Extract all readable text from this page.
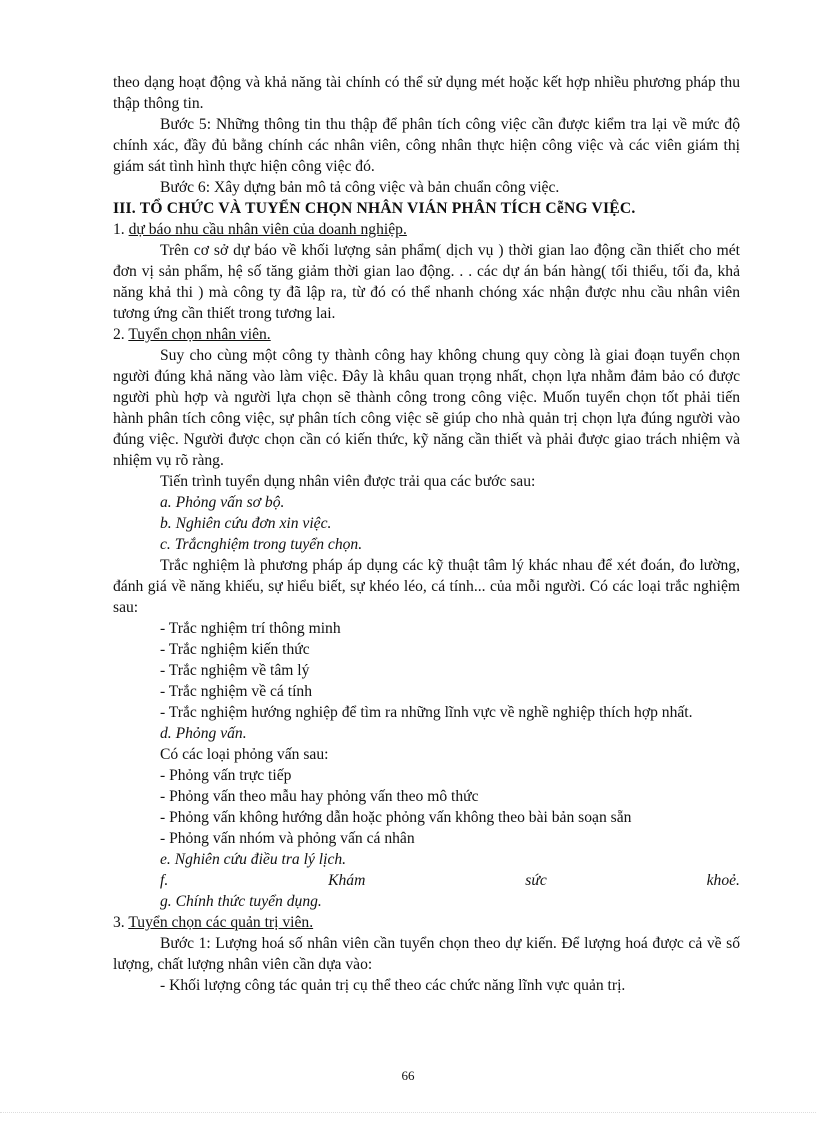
theo dạng hoạt động và khả năng tài chính có thể sử dụng mét hoặc kết hợp nhiều phương pháp thu thập thông tin.

Bước 5: Những thông tin thu thập để phân tích công việc cần được kiểm tra lại về mức độ chính xác, đầy đủ bằng chính các nhân viên, công nhân thực hiện công việc và các viên giám thị giám sát tình hình thực hiện công việc đó.

Bước 6: Xây dựng bản mô tả công việc và bản chuẩn công việc.

III. TỔ CHỨC VÀ TUYỂN CHỌN NHÂN VIÁN PHÂN TÍCH CễNG VIỆC.

1. dự báo nhu cầu nhân viên của doanh nghiệp.

Trên cơ sở dự báo về khối lượng sản phẩm( dịch vụ ) thời gian lao động cần thiết cho mét đơn vị sản phẩm, hệ số tăng giảm thời gian lao động. . . các dự án bán hàng( tối thiểu, tối đa, khả năng khả thi ) mà công ty đã lập ra, từ đó có thể nhanh chóng xác nhận được nhu cầu nhân viên tương ứng cần thiết trong tương lai.

2. Tuyển chọn nhân viên.

Suy cho cùng một công ty thành công hay không chung quy còng là giai đoạn tuyển chọn người đúng khả năng vào làm việc. Đây là khâu quan trọng nhất, chọn lựa nhằm đảm bảo có được người phù hợp và người lựa chọn sẽ thành công trong công việc. Muốn tuyển chọn tốt phải tiến hành phân tích công việc, sự phân tích công việc sẽ giúp cho nhà quản trị chọn lựa đúng người vào đúng việc. Người được chọn cần có kiến thức, kỹ năng cần thiết và phải được giao trách nhiệm và nhiệm vụ rõ ràng.

Tiến trình tuyển dụng nhân viên được trải qua các bước sau:

a. Phỏng vấn sơ bộ.

b. Nghiên cứu đơn xin việc.

c. Trắcnghiệm trong tuyển chọn.

Trắc nghiệm là phương pháp áp dụng các kỹ thuật tâm lý khác nhau để xét đoán, đo lường, đánh giá về năng khiếu, sự hiểu biết, sự khéo léo, cá tính... của mỗi người. Có các loại trắc nghiệm sau:

- Trắc nghiệm trí thông minh

- Trắc nghiệm kiến thức

- Trắc nghiệm về tâm lý

- Trắc nghiệm về cá tính

- Trắc nghiệm hướng nghiệp để tìm ra những lĩnh vực về nghề nghiệp thích hợp nhất.

d. Phỏng vấn.

Có các loại phỏng vấn sau:

- Phỏng vấn trực tiếp

- Phỏng vấn theo mẫu hay phỏng vấn theo mô thức

- Phỏng vấn không hướng dẫn hoặc phỏng vấn không theo bài bản soạn sẵn

- Phỏng vấn nhóm và phỏng vấn cá nhân

e. Nghiên cứu điều tra lý lịch.

f.	Khám	sức	khoẻ.

g. Chính thức tuyển dụng.

3. Tuyển chọn các quản trị viên.

Bước 1: Lượng hoá số nhân viên cần tuyển chọn theo dự kiến. Để lượng hoá được cả về số lượng, chất lượng nhân viên cần dựa vào:

- Khối lượng công tác quản trị cụ thể theo các chức năng lĩnh vực quản trị.

66
